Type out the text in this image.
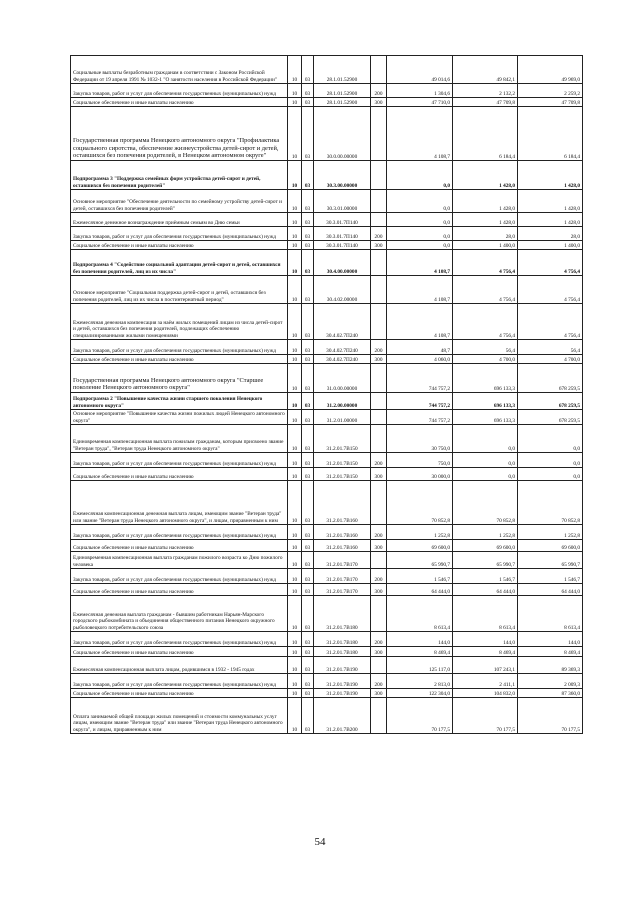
Социальные выплаты безработным гражданам в соответствии с Законом Российской Федерации от 19 апреля 1991 № 1032-1 "О занятости населения в Российской Федерации"	10	03	28.1.01.52900		49 014,6	49 842,1	49 969,0
Закупка товаров, работ и услуг для обеспечения государственных (муниципальных) нужд	10	03	28.1.01.52900	200	1 304,6	2 132,2	2 259,2
Социальное обеспечение и иные выплаты населению	10	03	28.1.01.52900	300	47 710,0	47 709,8	47 709,8
Государственная программа Ненецкого автономного округа "Профилактика социального сиротства, обеспечение жизнеустройства детей-сирот и детей, оставшихся без попечения родителей, в Ненецком автономном округе"	10	03	30.0.00.00000		4 108,7	6 184,4	6 184,4
Подпрограмма 3 "Поддержка семейных форм устройства детей-сирот и детей, оставшихся без попечения родителей"	10	03	30.3.00.00000		0,0	1 428,0	1 428,0
Основное мероприятие "Обеспечение деятельности по семейному устройству детей-сирот и детей, оставшихся без попечения родителей"	10	03	30.3.01.00000		0,0	1 428,0	1 428,0
Ежемесячное денежное вознаграждение приёмным семьям во Дню семьи	10	03	30.3.01.7П140		0,0	1 428,0	1 428,0
Закупка товаров, работ и услуг для обеспечения государственных (муниципальных) нужд	10	03	30.3.01.7П140	200	0,0	28,0	28,0
Социальное обеспечение и иные выплаты населению	10	03	30.3.01.7П140	300	0,0	1 400,0	1 400,0
Подпрограмма 4 "Содействие социальной адаптации детей-сирот и детей, оставшихся без попечения родителей, лиц из их числа"	10	03	30.4.00.00000		4 108,7	4 756,4	4 756,4
Основное мероприятие "Социальная поддержка детей-сирот и детей, оставшихся без попечения родителей, лиц из их числа в постинтернатный период"	10	03	30.4.02.00000		4 108,7	4 756,4	4 756,4
Ежемесячная денежная компенсация за наём жилых помещений лицам из числа детей-сирот и детей, оставшихся без попечения родителей, подлежащих обеспечению специализированными жилыми помещениями	10	03	30.4.02.7П240		4 108,7	4 756,4	4 756,4
Закупка товаров, работ и услуг для обеспечения государственных (муниципальных) нужд	10	03	30.4.02.7П240	200	48,7	56,4	56,4
Социальное обеспечение и иные выплаты населению	10	03	30.4.02.7П240	300	4 060,0	4 700,0	4 700,0
Государственная программа Ненецкого автономного округа "Старшее поколение Ненецкого автономного округа"	10	03	31.0.00.00000		744 757,2	696 133,3	678 259,5
Подпрограмма 2 "Повышение качества жизни старшего поколения Ненецкого автономного округа"	10	03	31.2.00.00000		744 757,2	696 133,3	678 259,5
Основное мероприятие "Повышение качества жизни пожилых людей Ненецкого автономного округа"	10	03	31.2.01.00000		744 757,2	696 133,3	678 259,5
Единовременная компенсационная выплата пожилым гражданам, которым присвоено звание "Ветеран труда", "Ветеран труда Ненецкого автономного округа"	10	03	31.2.01.7В150		30 750,0	0,0	0,0
Закупка товаров, работ и услуг для обеспечения государственных (муниципальных) нужд	10	03	31.2.01.7В150	200	750,0	0,0	0,0
Социальное обеспечение и иные выплаты населению	10	03	31.2.01.7В150	300	30 000,0	0,0	0,0
Ежемесячная компенсационная денежная выплата лицам, имеющим звание "Ветеран труда" или звание "Ветеран труда Ненецкого автономного округа", и лицам, приравненным к ним	10	03	31.2.01.7В160		70 852,8	70 852,8	70 852,8
Закупка товаров, работ и услуг для обеспечения государственных (муниципальных) нужд	10	03	31.2.01.7В160	200	1 252,8	1 252,8	1 252,8
Социальное обеспечение и иные выплаты населению	10	03	31.2.01.7В160	300	69 600,0	69 600,0	69 600,0
Единовременная компенсационная выплата гражданам пожилого возраста ко Дню пожилого человека	10	03	31.2.01.7В170		65 990,7	65 990,7	65 990,7
Закупка товаров, работ и услуг для обеспечения государственных (муниципальных) нужд	10	03	31.2.01.7В170	200	1 546,7	1 546,7	1 546,7
Социальное обеспечение и иные выплаты населению	10	03	31.2.01.7В170	300	64 444,0	64 444,0	64 444,0
Ежемесячная денежная выплата гражданам - бывшим работникам Нарьян-Марского городского рыбокомбината и объединения общественного питания Ненецкого окружного рыболовецкого потребительского союза	10	03	31.2.01.7В180		8 613,4	8 613,4	8 613,4
Закупка товаров, работ и услуг для обеспечения государственных (муниципальных) нужд	10	03	31.2.01.7В180	200	144,0	144,0	144,0
Социальное обеспечение и иные выплаты населению	10	03	31.2.01.7В180	300	8 469,4	8 469,4	8 469,4
Ежемесячная компенсационная выплата лицам, родившимся в 1932 - 1945 годах	10	03	31.2.01.7В190		125 117,0	107 243,1	89 369,3
Закупка товаров, работ и услуг для обеспечения государственных (муниципальных) нужд	10	03	31.2.01.7В190	200	2 813,0	2 411,1	2 009,3
Социальное обеспечение и иные выплаты населению	10	03	31.2.01.7В190	300	122 304,0	104 832,0	87 360,0
Оплата занимаемой общей площади жилых помещений и стоимости коммунальных услуг лицам, имеющим звание "Ветеран труда" или звание "Ветеран труда Ненецкого автономного округа", и лицам, приравненным к ним	10	03	31.2.01.7В200		70 177,5	70 177,5	70 177,5
54
